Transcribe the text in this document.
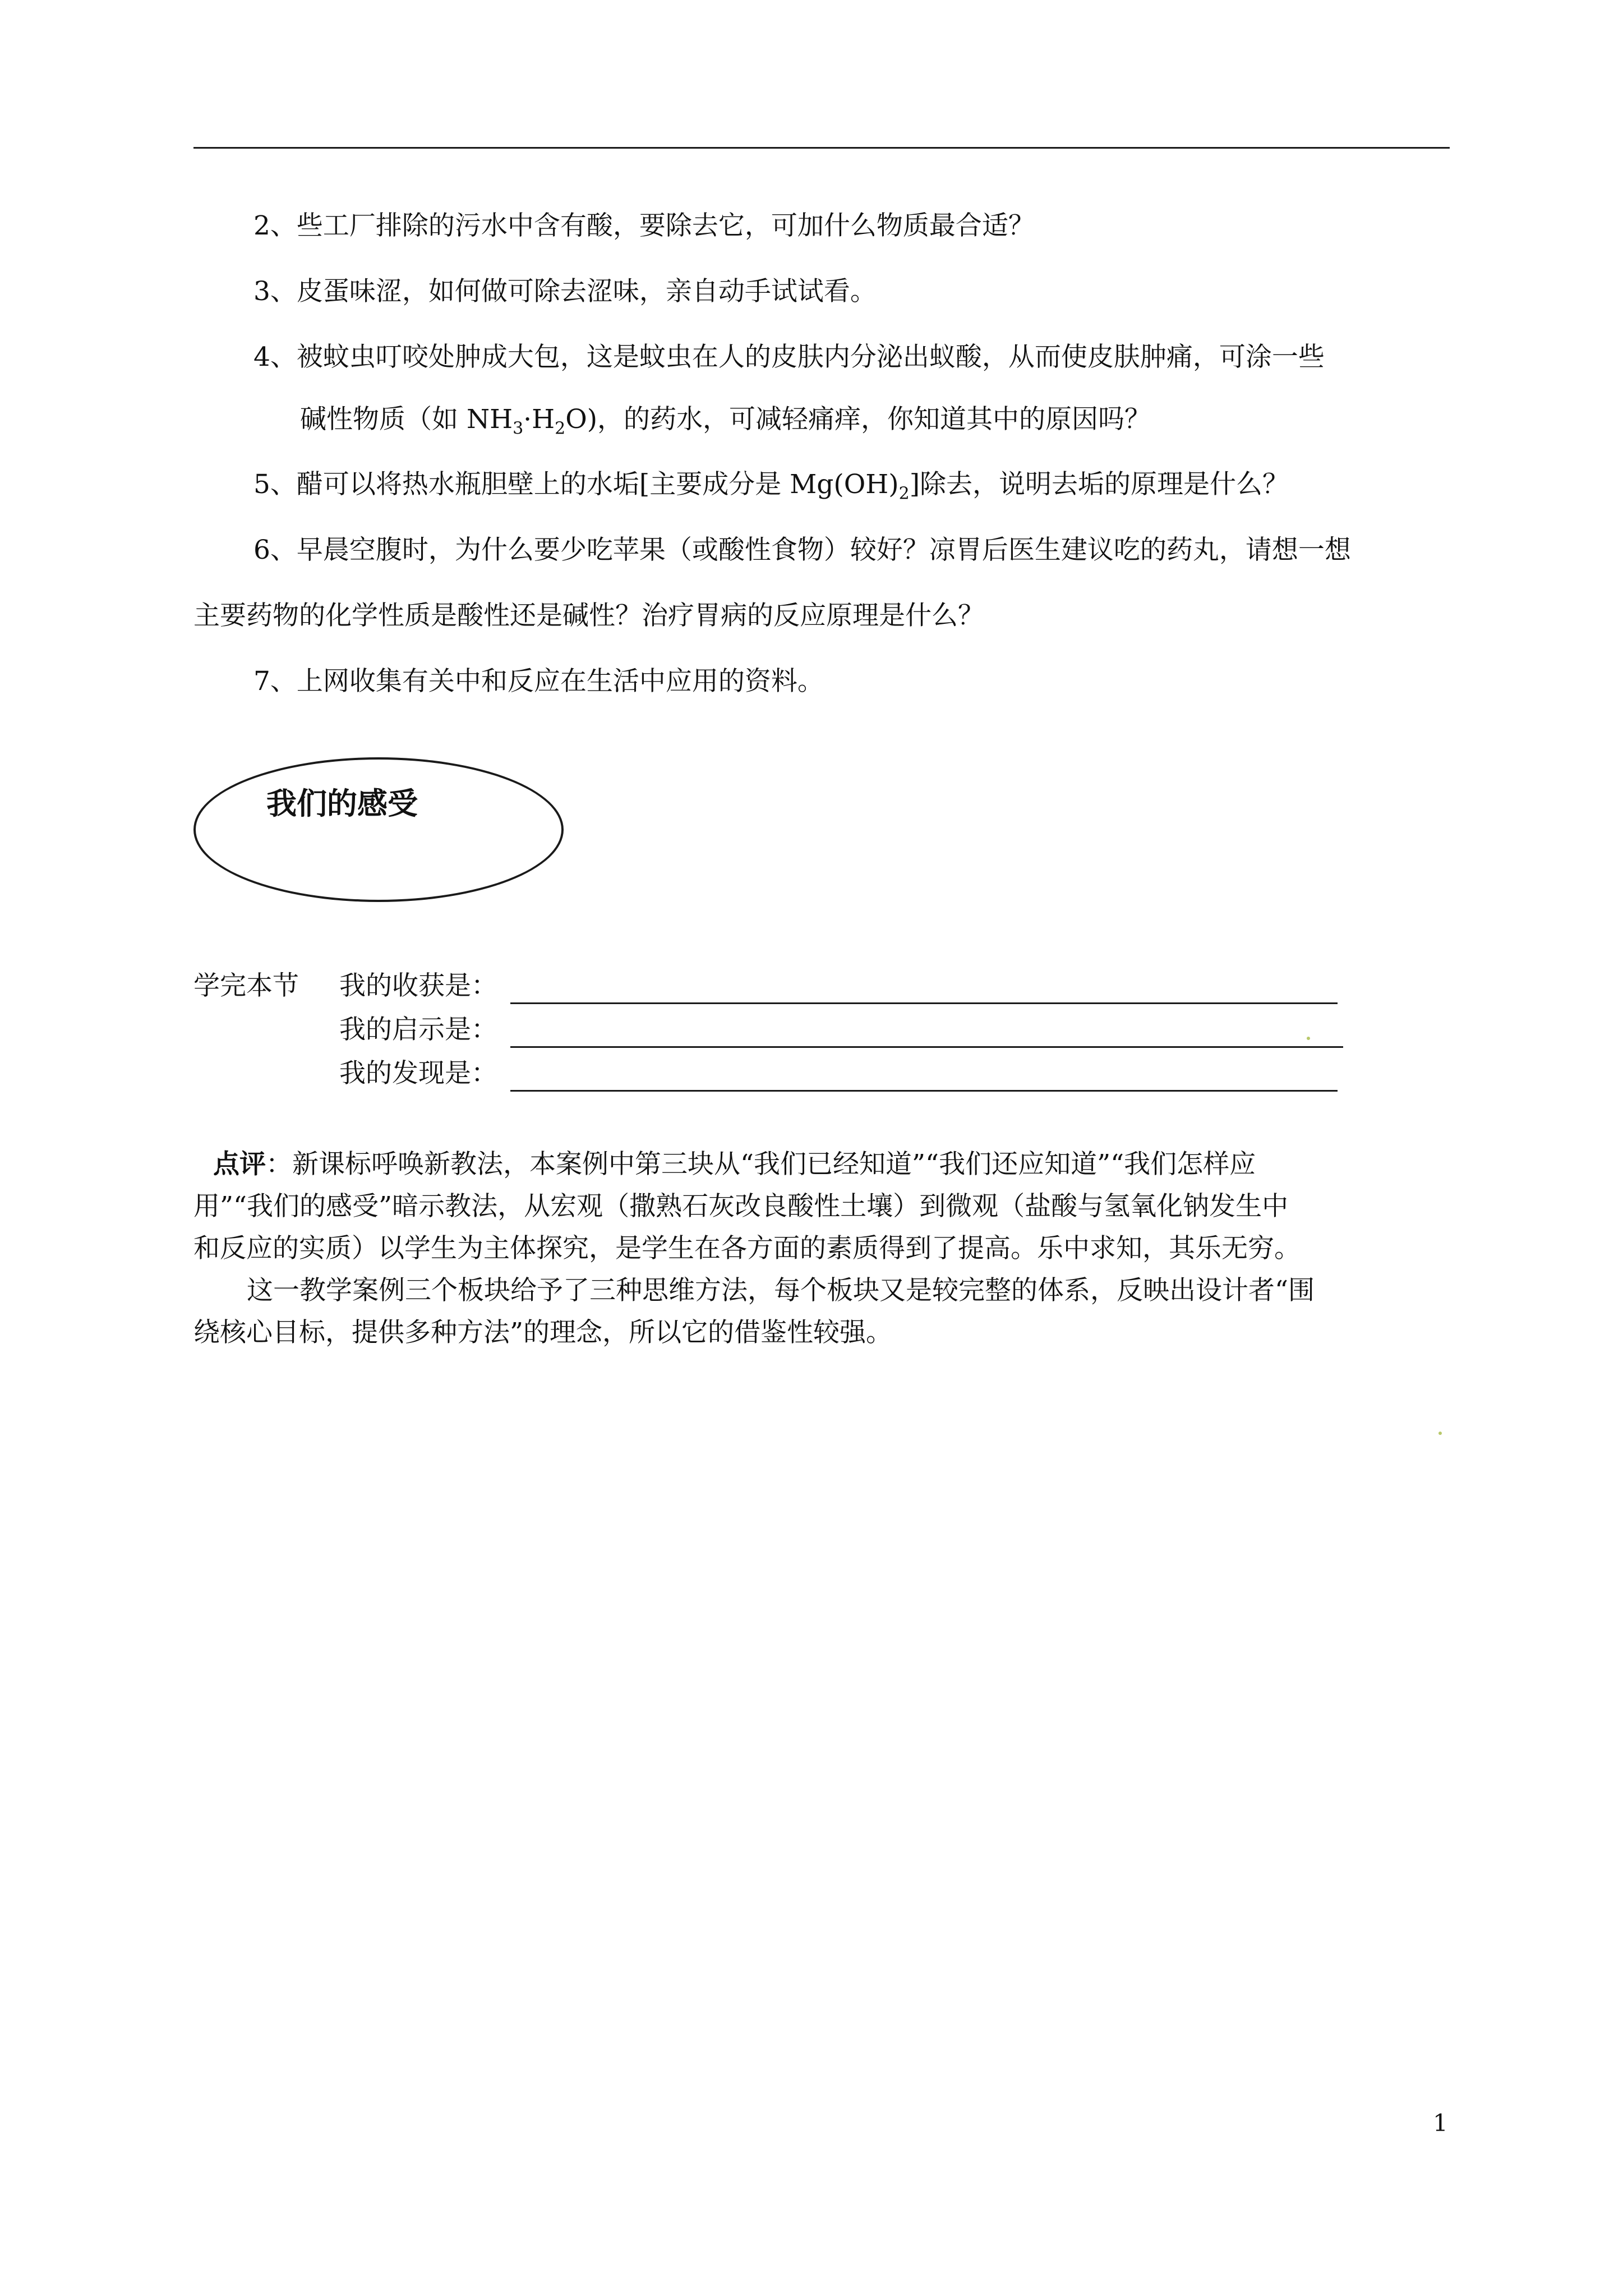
2、些工厂排除的污水中含有酸，要除去它，可加什么物质最合适？
3、皮蛋味涩，如何做可除去涩味，亲自动手试试看。
4、被蚊虫叮咬处肿成大包，这是蚊虫在人的皮肤内分泌出蚁酸，从而使皮肤肿痛，可涂一些
碱性物质（如 $NH_3\cdot H_2O$)，的药水，可减轻痛痒，你知道其中的原因吗？
5、醋可以将热水瓶胆壁上的水垢[主要成分是 $Mg(OH)_2$]除去，说明去垢的原理是什么？
6、早晨空腹时，为什么要少吃苹果（或酸性食物）较好？凉胃后医生建议吃的药丸，请想一想
主要药物的化学性质是酸性还是碱性？治疗胃病的反应原理是什么？
7、上网收集有关中和反应在生活中应用的资料。
我们的感受
学完本节 我的收获是：
我的启示是：
我的发现是：
点评：新课标呼唤新教法，本案例中第三块从“我们已经知道”“我们还应知道”“我们怎样应
用”“我们的感受”暗示教法，从宏观（撒熟石灰改良酸性土壤）到微观（盐酸与氢氧化钠发生中
和反应的实质）以学生为主体探究，是学生在各方面的素质得到了提高。乐中求知，其乐无穷。
这一教学案例三个板块给予了三种思维方法，每个板块又是较完整的体系，反映出设计者“围
绕核心目标，提供多种方法”的理念，所以它的借鉴性较强。
1
